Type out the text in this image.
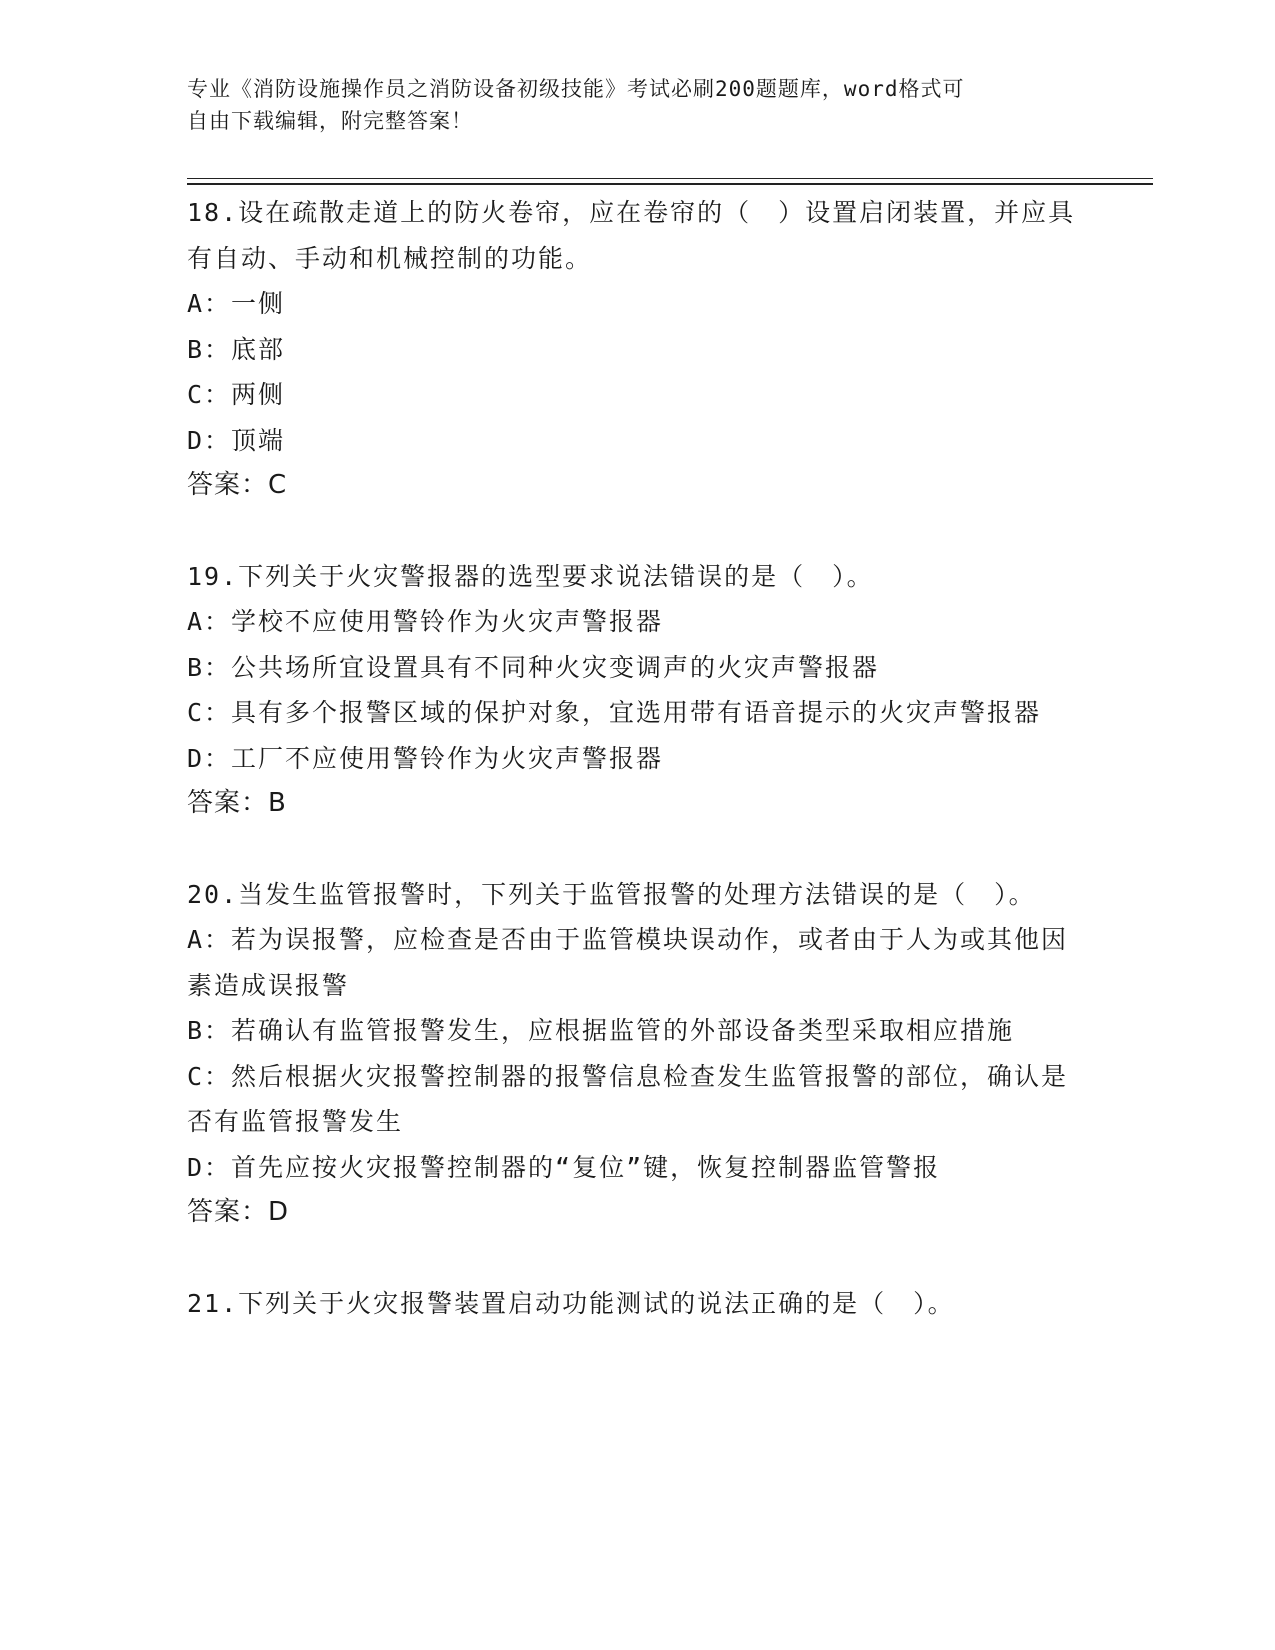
专业《消防设施操作员之消防设备初级技能》考试必刷200题题库，word格式可
自由下载编辑，附完整答案！

18.设在疏散走道上的防火卷帘，应在卷帘的（　）设置启闭装置，并应具有自动、手动和机械控制的功能。

A：一侧

B：底部

C：两侧

D：顶端

答案：C

19.下列关于火灾警报器的选型要求说法错误的是（　）。

A：学校不应使用警铃作为火灾声警报器

B：公共场所宜设置具有不同种火灾变调声的火灾声警报器

C：具有多个报警区域的保护对象，宜选用带有语音提示的火灾声警报器

D：工厂不应使用警铃作为火灾声警报器

答案：B

20.当发生监管报警时，下列关于监管报警的处理方法错误的是（　）。

A：若为误报警，应检查是否由于监管模块误动作，或者由于人为或其他因素造成误报警

B：若确认有监管报警发生，应根据监管的外部设备类型采取相应措施

C：然后根据火灾报警控制器的报警信息检查发生监管报警的部位，确认是否有监管报警发生

D：首先应按火灾报警控制器的“复位”键，恢复控制器监管警报

答案：D

21.下列关于火灾报警装置启动功能测试的说法正确的是（　）。
